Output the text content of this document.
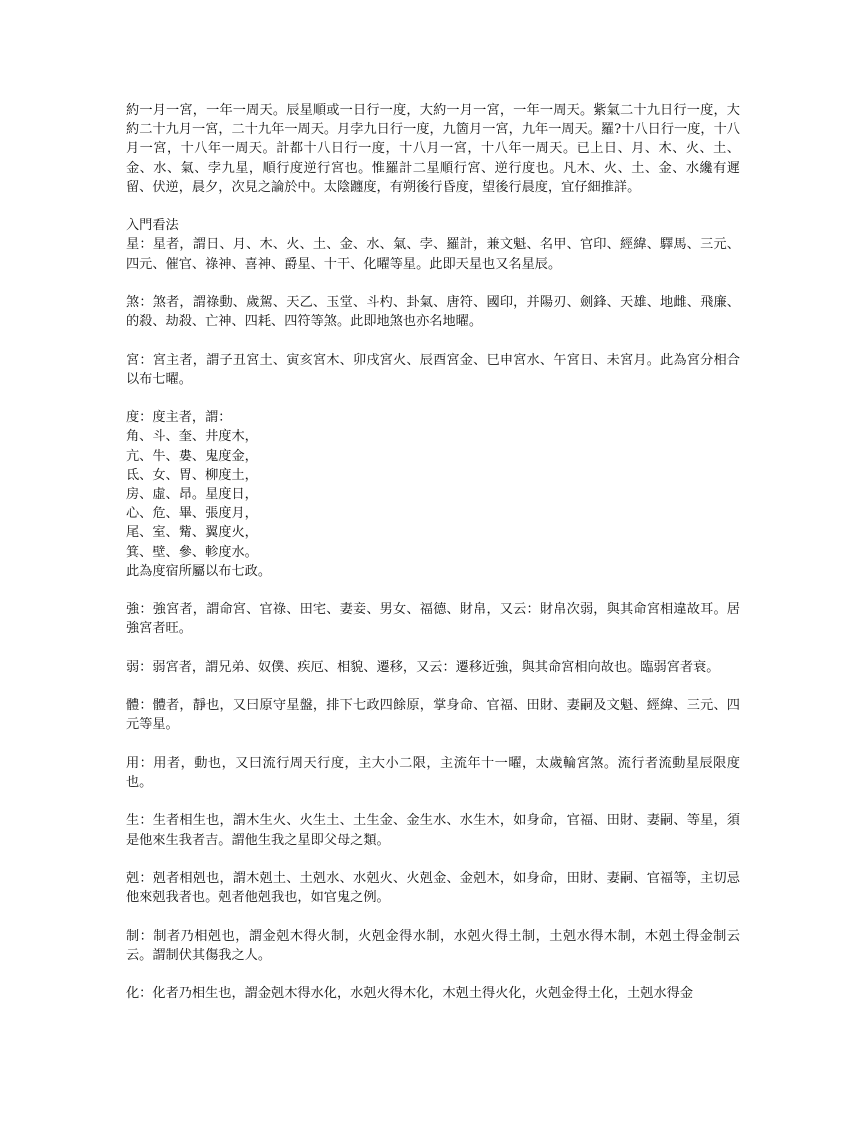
約一月一宮，一年一周天。辰星順或一日行一度，大約一月一宮，一年一周天。紫氣二十九日行一度，大約二十九月一宮，二十九年一周天。月孛九日行一度，九箇月一宮，九年一周天。羅?十八日行一度，十八月一宮，十八年一周天。計都十八日行一度，十八月一宮，十八年一周天。已上日、月、木、火、土、金、水、氣、孛九星，順行度逆行宮也。惟羅計二星順行宮、逆行度也。凡木、火、土、金、水纔有遲留、伏逆，晨夕，次見之論於中。太陰躔度，有朔後行昏度，望後行晨度，宜仔細推詳。

入門看法

星：星者，謂日、月、木、火、土、金、水、氣、孛、羅計，兼文魁、名甲、官印、經緯、驛馬、三元、四元、催官、祿神、喜神、爵星、十干、化曜等星。此即天星也又名星辰。

煞：煞者，謂祿動、歲駕、天乙、玉堂、斗杓、卦氣、唐符、國印，并陽刃、劍鋒、天雄、地雌、飛廉、的殺、劫殺、亡神、四耗、四符等煞。此即地煞也亦名地曜。

宮：宮主者，謂子丑宮土、寅亥宮木、卯戌宮火、辰酉宮金、巳申宮水、午宮日、未宮月。此為宮分相合以布七曜。

度：度主者，謂：
角、斗、奎、井度木，
亢、牛、婁、鬼度金，
氐、女、胃、柳度土，
房、虛、昂。星度日，
心、危、畢、張度月，
尾、室、觜、翼度火，
箕、壁、參、軫度水。
此為度宿所屬以布七政。

強：強宮者，謂命宮、官祿、田宅、妻妾、男女、福德、財帛，又云：財帛次弱，與其命宮相違故耳。居強宮者旺。

弱：弱宮者，謂兄弟、奴僕、疾厄、相貌、遷移，又云：遷移近強，與其命宮相向故也。臨弱宮者衰。

體：體者，靜也，又曰原守星盤，排下七政四餘原，掌身命、官福、田財、妻嗣及文魁、經緯、三元、四元等星。

用：用者，動也，又曰流行周天行度，主大小二限，主流年十一曜，太歲輪宮煞。流行者流動星辰限度也。

生：生者相生也，謂木生火、火生土、土生金、金生水、水生木，如身命，官福、田財、妻嗣、等星，須是他來生我者吉。謂他生我之星即父母之類。

剋：剋者相剋也，謂木剋土、土剋水、水剋火、火剋金、金剋木，如身命，田財、妻嗣、官福等，主切忌他來剋我者也。剋者他剋我也，如官鬼之例。

制：制者乃相剋也，謂金剋木得火制，火剋金得水制，水剋火得土制，土剋水得木制，木剋土得金制云云。謂制伏其傷我之人。

化：化者乃相生也，謂金剋木得水化，水剋火得木化，木剋土得火化，火剋金得土化，土剋水得金
